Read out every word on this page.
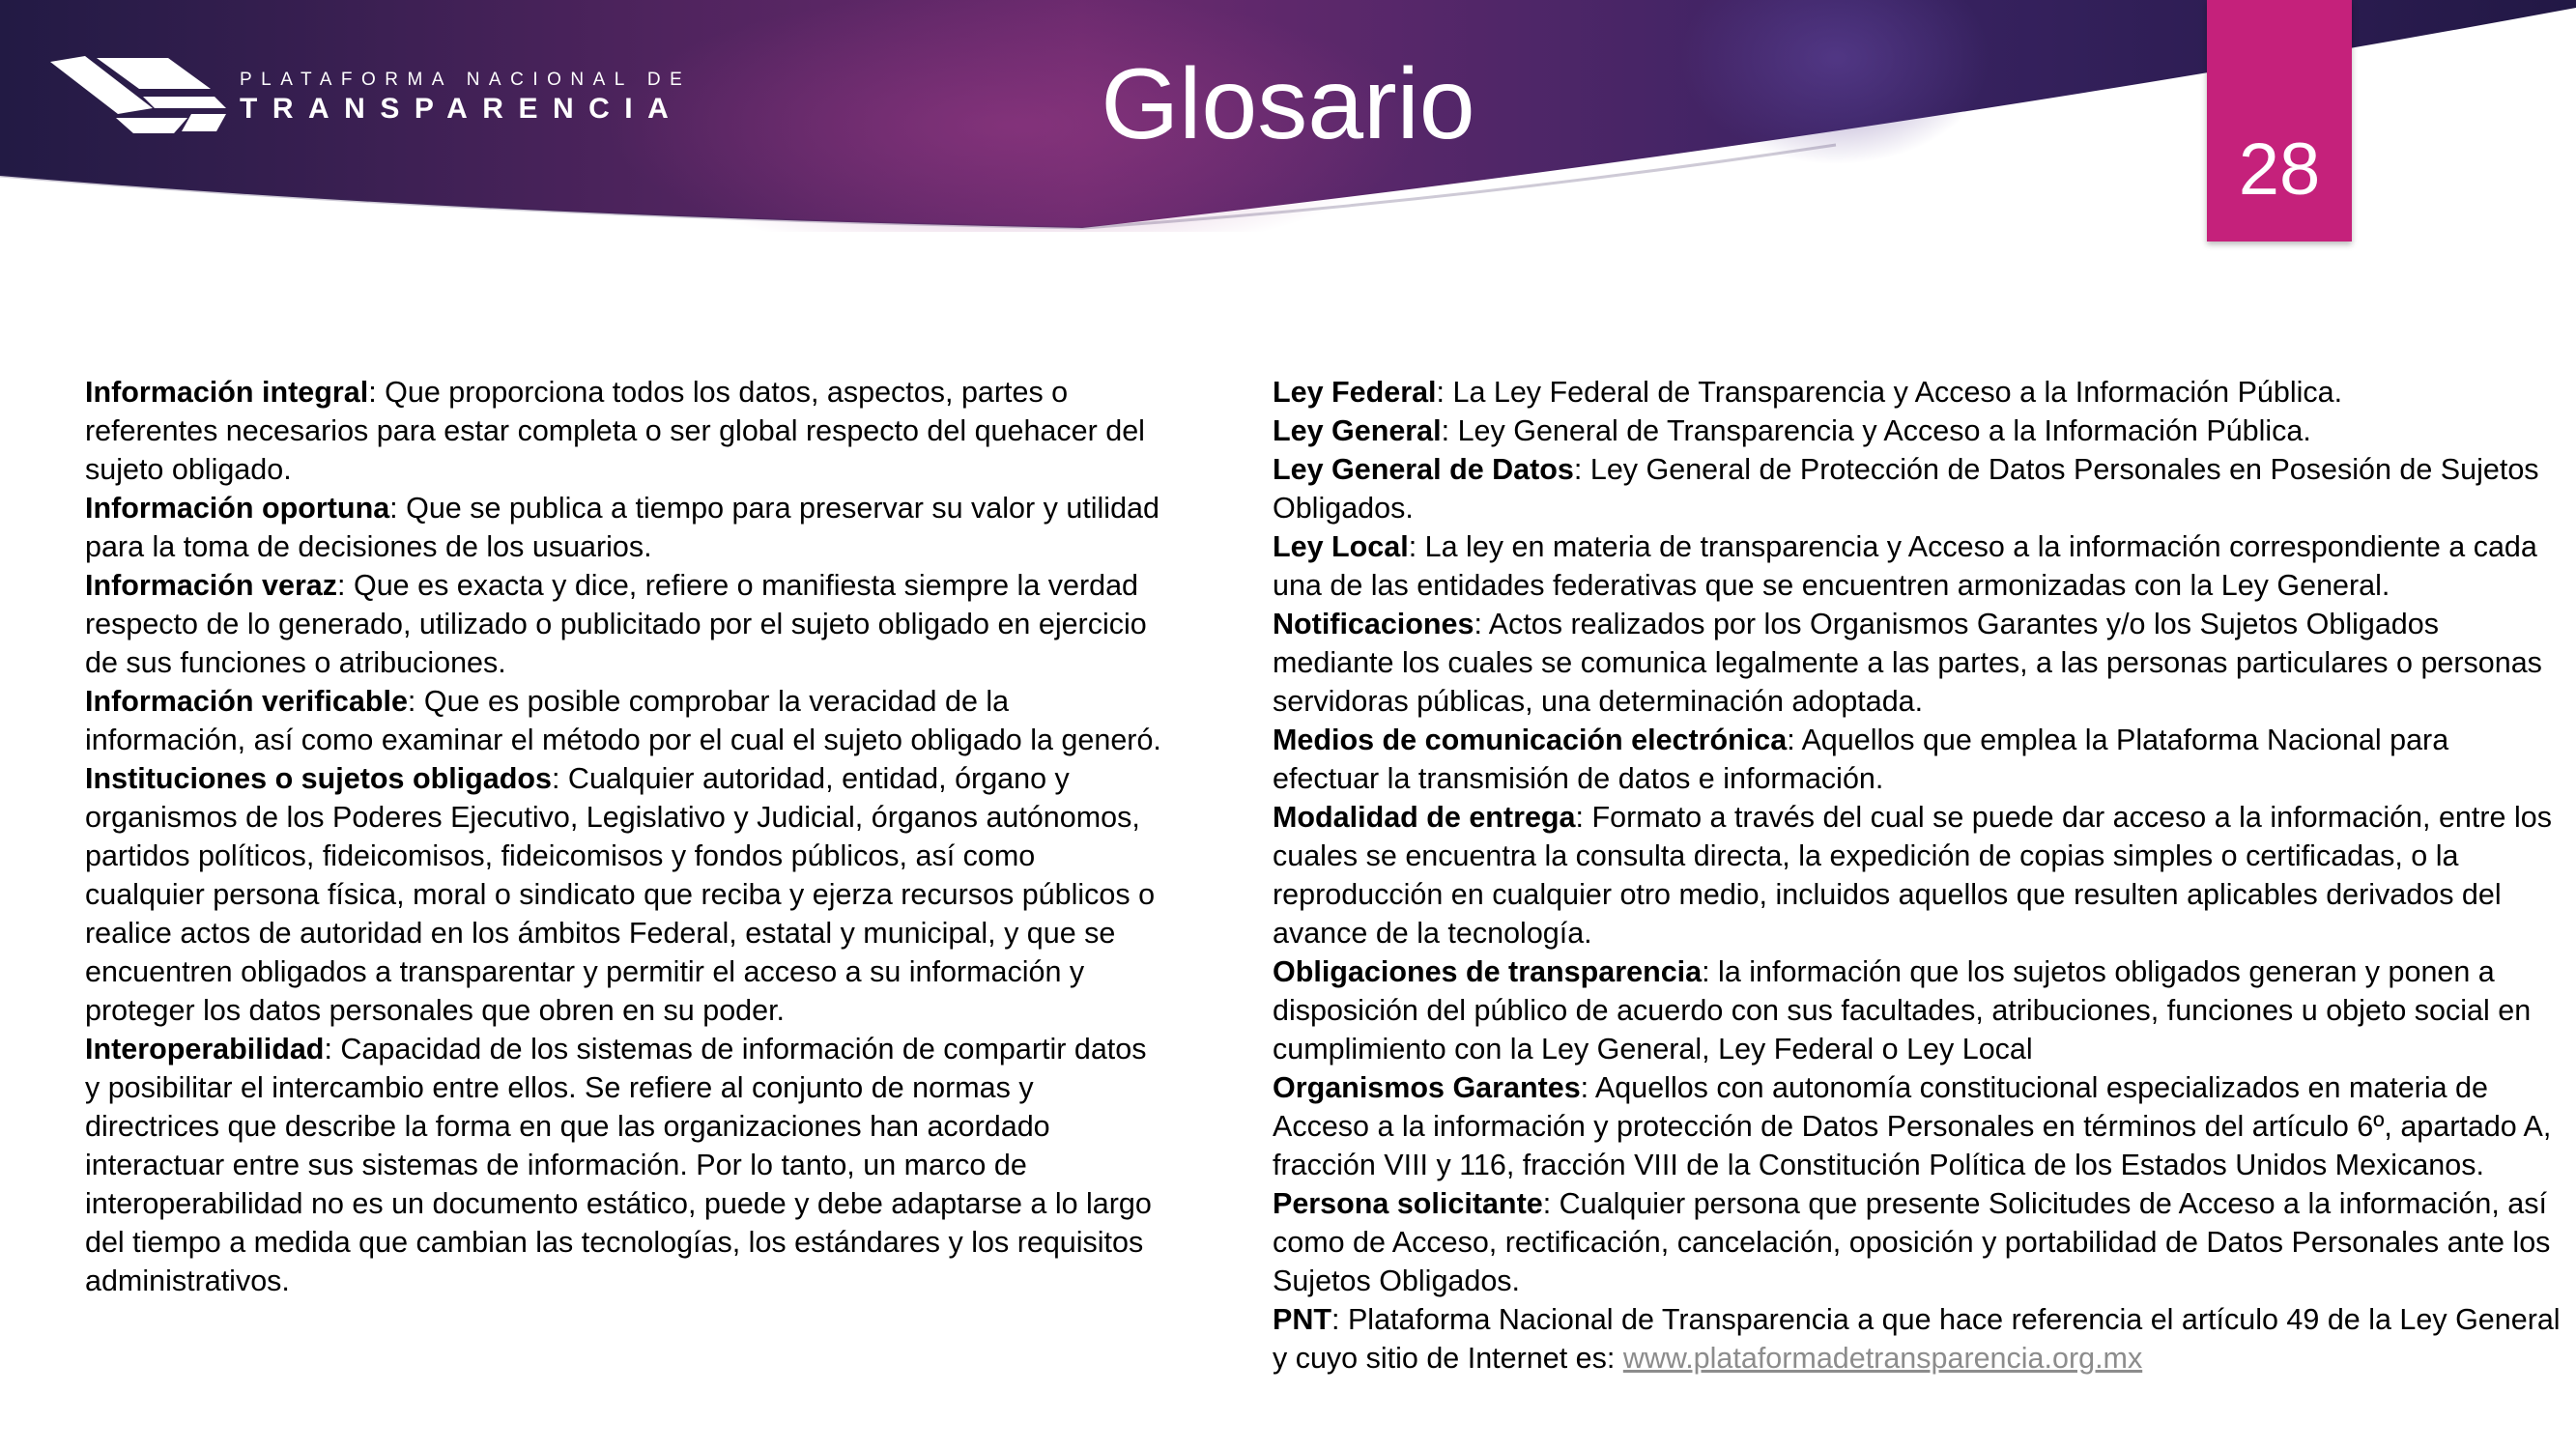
PLATAFORMA NACIONAL DE
TRANSPARENCIA	Glosario
28

Información integral: Que proporciona todos los datos, aspectos, partes o referentes necesarios para estar completa o ser global respecto del quehacer del sujeto obligado.

Información oportuna: Que se publica a tiempo para preservar su valor y utilidad para la toma de decisiones de los usuarios.

Información veraz: Que es exacta y dice, refiere o manifiesta siempre la verdad respecto de lo generado, utilizado o publicitado por el sujeto obligado en ejercicio de sus funciones o atribuciones.

Información verificable: Que es posible comprobar la veracidad de la información, así como examinar el método por el cual el sujeto obligado la generó.

Instituciones o sujetos obligados: Cualquier autoridad, entidad, órgano y organismos de los Poderes Ejecutivo, Legislativo y Judicial, órganos autónomos, partidos políticos, fideicomisos, fideicomisos y fondos públicos, así como cualquier persona física, moral o sindicato que reciba y ejerza recursos públicos o realice actos de autoridad en los ámbitos Federal, estatal y municipal, y que se encuentren obligados a transparentar y permitir el acceso a su información y proteger los datos personales que obren en su poder.

Interoperabilidad: Capacidad de los sistemas de información de compartir datos y posibilitar el intercambio entre ellos. Se refiere al conjunto de normas y directrices que describe la forma en que las organizaciones han acordado interactuar entre sus sistemas de información. Por lo tanto, un marco de interoperabilidad no es un documento estático, puede y debe adaptarse a lo largo del tiempo a medida que cambian las tecnologías, los estándares y los requisitos administrativos.

Ley Federal: La Ley Federal de Transparencia y Acceso a la Información Pública.

Ley General: Ley General de Transparencia y Acceso a la Información Pública.

Ley General de Datos: Ley General de Protección de Datos Personales en Posesión de Sujetos Obligados.

Ley Local: La ley en materia de transparencia y Acceso a la información correspondiente a cada una de las entidades federativas que se encuentren armonizadas con la Ley General.

Notificaciones: Actos realizados por los Organismos Garantes y/o los Sujetos Obligados mediante los cuales se comunica legalmente a las partes, a las personas particulares o personas servidoras públicas, una determinación adoptada.

Medios de comunicación electrónica: Aquellos que emplea la Plataforma Nacional para efectuar la transmisión de datos e información.

Modalidad de entrega: Formato a través del cual se puede dar acceso a la información, entre los cuales se encuentra la consulta directa, la expedición de copias simples o certificadas, o la reproducción en cualquier otro medio, incluidos aquellos que resulten aplicables derivados del avance de la tecnología.

Obligaciones de transparencia: la información que los sujetos obligados generan y ponen a disposición del público de acuerdo con sus facultades, atribuciones, funciones u objeto social en cumplimiento con la Ley General, Ley Federal o Ley Local

Organismos Garantes: Aquellos con autonomía constitucional especializados en materia de Acceso a la información y protección de Datos Personales en términos del artículo 6º, apartado A, fracción VIII y 116, fracción VIII de la Constitución Política de los Estados Unidos Mexicanos.

Persona solicitante: Cualquier persona que presente Solicitudes de Acceso a la información, así como de Acceso, rectificación, cancelación, oposición y portabilidad de Datos Personales ante los Sujetos Obligados.

PNT: Plataforma Nacional de Transparencia a que hace referencia el artículo 49 de la Ley General y cuyo sitio de Internet es: www.plataformadetransparencia.org.mx
